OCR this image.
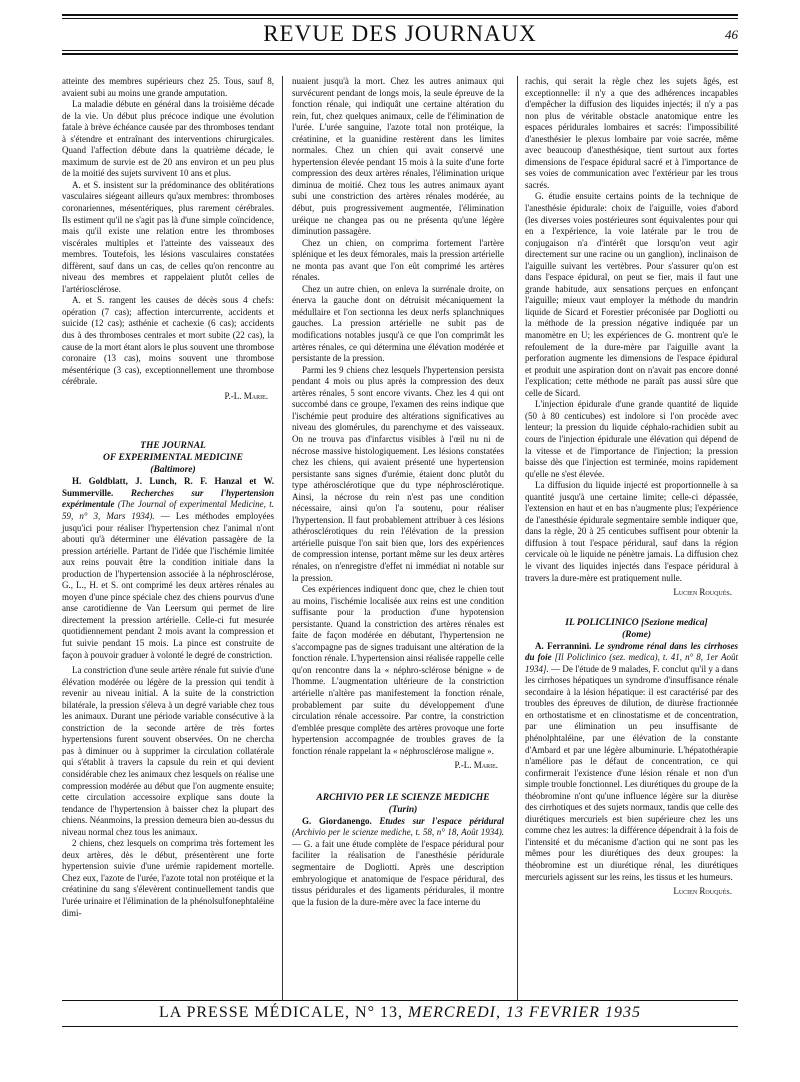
REVUE DES JOURNAUX	46

atteinte des membres supérieurs chez 25. Tous, sauf 8, avaient subi au moins une grande amputation.

La maladie débute en général dans la troisième décade de la vie. Un début plus précoce indique une évolution fatale à brève échéance causée par des thromboses tendant à s'étendre et entraînant des interventions chirurgicales. Quand l'affection débute dans la quatrième décade, le maximum de survie est de 20 ans environ et un peu plus de la moitié des sujets survivent 10 ans et plus.

A. et S. insistent sur la prédominance des oblitérations vasculaires siégeant ailleurs qu'aux membres: thromboses coronariennes, mésentériques, plus rarement cérébrales. Ils estiment qu'il ne s'agit pas là d'une simple coïncidence, mais qu'il existe une relation entre les thromboses viscérales multiples et l'atteinte des vaisseaux des membres. Toutefois, les lésions vasculaires constatées diffèrent, sauf dans un cas, de celles qu'on rencontre au niveau des membres et rappelaient plutôt celles de l'artériosclérose.

A. et S. rangent les causes de décès sous 4 chefs: opération (7 cas); affection intercurrente, accidents et suicide (12 cas); asthénie et cachexie (6 cas); accidents dus à des thromboses centrales et mort subite (22 cas), la cause de la mort étant alors le plus souvent une thrombose coronaire (13 cas), moins souvent une thrombose mésentérique (3 cas), exceptionnellement une thrombose cérébrale.

P.-L. Marie.

THE JOURNAL

OF EXPERIMENTAL MEDICINE

(Baltimore)

H. Goldblatt, J. Lunch, R. F. Hanzal et W. Summerville. Recherches sur l'hypertension expérimentale (The Journal of experimental Medicine, t. 59, n° 3, Mars 1934). — Les méthodes employées jusqu'ici pour réaliser l'hypertension chez l'animal n'ont abouti qu'à déterminer une élévation passagère de la pression artérielle. Partant de l'idée que l'ischémie limitée aux reins pouvait être la condition initiale dans la production de l'hypertension associée à la néphrosclérose, G., L., H. et S. ont comprimé les deux artères rénales au moyen d'une pince spéciale chez des chiens pourvus d'une anse carotidienne de Van Leersum qui permet de lire directement la pression artérielle. Celle-ci fut mesurée quotidiennement pendant 2 mois avant la compression et fut suivie pendant 15 mois. La pince est construite de façon à pouvoir graduer à volonté le degré de constriction.

La constriction d'une seule artère rénale fut suivie d'une élévation modérée ou légère de la pression qui tendit à revenir au niveau initial. A la suite de la constriction bilatérale, la pression s'éleva à un degré variable chez tous les animaux. Durant une période variable consécutive à la constriction de la seconde artère de très fortes hypertensions furent souvent observées. On ne chercha pas à diminuer ou à supprimer la circulation collatérale qui s'établit à travers la capsule du rein et qui devient considérable chez les animaux chez lesquels on réalise une compression modérée au début que l'on augmente ensuite; cette circulation accessoire explique sans doute la tendance de l'hypertension à baisser chez la plupart des chiens. Néanmoins, la pression demeura bien au-dessus du niveau normal chez tous les animaux.

2 chiens, chez lesquels on comprima très fortement les deux artères, dès le début, présentèrent une forte hypertension suivie d'une urémie rapidement mortelle. Chez eux, l'azote de l'urée, l'azote total non protéique et la créatinine du sang s'élevèrent continuellement tandis que l'urée urinaire et l'élimination de la phénolsulfonephtaléine dimi-

nuaient jusqu'à la mort. Chez les autres animaux qui survécurent pendant de longs mois, la seule épreuve de la fonction rénale, qui indiquât une certaine altération du rein, fut, chez quelques animaux, celle de l'élimination de l'urée. L'urée sanguine, l'azote total non protéique, la créatinine, et la guanidine restèrent dans les limites normales. Chez un chien qui avait conservé une hypertension élevée pendant 15 mois à la suite d'une forte compression des deux artères rénales, l'élimination urique diminua de moitié. Chez tous les autres animaux ayant subi une constriction des artères rénales modérée, au début, puis progressivement augmentée, l'élimination uréique ne changea pas ou ne présenta qu'une légère diminution passagère.

Chez un chien, on comprima fortement l'artère splénique et les deux fémorales, mais la pression artérielle ne monta pas avant que l'on eût comprimé les artères rénales.

Chez un autre chien, on enleva la surrénale droite, on énerva la gauche dont on détruisit mécaniquement la médullaire et l'on sectionna les deux nerfs splanchniques gauches. La pression artérielle ne subit pas de modifications notables jusqu'à ce que l'on comprimât les artères rénales, ce qui détermina une élévation modérée et persistante de la pression.

Parmi les 9 chiens chez lesquels l'hypertension persista pendant 4 mois ou plus après la compression des deux artères rénales, 5 sont encore vivants. Chez les 4 qui ont succombé dans ce groupe, l'examen des reins indique que l'ischémie peut produire des altérations significatives au niveau des glomérules, du parenchyme et des vaisseaux. On ne trouva pas d'infarctus visibles à l'œil nu ni de nécrose massive histologiquement. Les lésions constatées chez les chiens, qui avaient présenté une hypertension persistante sans signes d'urémie, étaient donc plutôt du type athérosclérotique que du type néphrosclérotique. Ainsi, la nécrose du rein n'est pas une condition nécessaire, ainsi qu'on l'a soutenu, pour réaliser l'hypertension. Il faut probablement attribuer à ces lésions athérosclérotiques du rein l'élévation de la pression artérielle puisque l'on sait bien que, lors des expériences de compression intense, portant même sur les deux artères rénales, on n'enregistre d'effet ni immédiat ni notable sur la pression.

Ces expériences indiquent donc que, chez le chien tout au moins, l'ischémie localisée aux reins est une condition suffisante pour la production d'une hypotension persistante. Quand la constriction des artères rénales est faite de façon modérée en débutant, l'hypertension ne s'accompagne pas de signes traduisant une altération de la fonction rénale. L'hypertension ainsi réalisée rappelle celle qu'on rencontre dans la « néphro-sclérose bénigne » de l'homme. L'augmentation ultérieure de la constriction artérielle n'altère pas manifestement la fonction rénale, probablement par suite du développement d'une circulation rénale accessoire. Par contre, la constriction d'emblée presque complète des artères provoque une forte hypertension accompagnée de troubles graves de la fonction rénale rappelant la « néphrosclérose maligne ».

P.-L. Marie.

ARCHIVIO PER LE SCIENZE MEDICHE

(Turin)

G. Giordanengo. Etudes sur l'espace péridural (Archivio per le scienze mediche, t. 58, n° 18, Août 1934). — G. a fait une étude complète de l'espace péridural pour faciliter la réalisation de l'anesthésie péridurale segmentaire de Dogliotti. Après une description embryologique et anatomique de l'espace péridural, des tissus péridurales et des ligaments péridurales, il montre que la fusion de la dure-mère avec la face interne du

rachis, qui serait la règle chez les sujets âgés, est exceptionnelle: il n'y a que des adhérences incapables d'empêcher la diffusion des liquides injectés; il n'y a pas non plus de véritable obstacle anatomique entre les espaces péridurales lombaires et sacrés: l'impossibilité d'anesthésier le plexus lombaire par voie sacrée, même avec beaucoup d'anesthésique, tient surtout aux fortes dimensions de l'espace épidural sacré et à l'importance de ses voies de communication avec l'extérieur par les trous sacrés.

G. étudie ensuite certains points de la technique de l'anesthésie épidurale: choix de l'aiguille, voies d'abord (les diverses voies postérieures sont équivalentes pour qui en a l'expérience, la voie latérale par le trou de conjugaison n'a d'intérêt que lorsqu'on veut agir directement sur une racine ou un ganglion), inclinaison de l'aiguille suivant les vertèbres. Pour s'assurer qu'on est dans l'espace épidural, on peut se fier, mais il faut une grande habitude, aux sensations perçues en enfonçant l'aiguille; mieux vaut employer la méthode du mandrin liquide de Sicard et Forestier préconisée par Dogliotti ou la méthode de la pression négative indiquée par un manomètre en U; les expériences de G. montrent qu'e le refoulement de la dure-mère par l'aiguille avant la perforation augmente les dimensions de l'espace épidural et produit une aspiration dont on n'avait pas encore donné l'explication; cette méthode ne paraît pas aussi sûre que celle de Sicard.

L'injection épidurale d'une grande quantité de liquide (50 à 80 centicubes) est indolore si l'on procède avec lenteur; la pression du liquide céphalo-rachidien subit au cours de l'injection épidurale une élévation qui dépend de la vitesse et de l'importance de l'injection; la pression baisse dès que l'injection est terminée, moins rapidement qu'elle ne s'est élevée.

La diffusion du liquide injecté est proportionnelle à sa quantité jusqu'à une certaine limite; celle-ci dépassée, l'extension en haut et en bas n'augmente plus; l'expérience de l'anesthésie épidurale segmentaire semble indiquer que, dans la règle, 20 à 25 centicubes suffisent pour obtenir la diffusion à tout l'espace péridural, sauf dans la région cervicale où le liquide ne pénètre jamais. La diffusion chez le vivant des liquides injectés dans l'espace péridural à travers la dure-mère est pratiquement nulle.

Lucien Rouquès.

IL POLICLINICO [Sezione medica]

(Rome)

A. Ferrannini. Le syndrome rénal dans les cirrhoses du foie [Il Policlinico (sez. medica), t. 41, n° 8, 1er Août 1934]. — De l'étude de 9 malades, F. conclut qu'il y a dans les cirrhoses hépatiques un syndrome d'insuffisance rénale secondaire à la lésion hépatique: il est caractérisé par des troubles des épreuves de dilution, de diurèse fractionnée en orthostatisme et en clinostatisme et de concentration, par une élimination un peu insuffisante de phénolphtaléine, par une élévation de la constante d'Ambard et par une légère albuminurie. L'hépatothérapie n'améliore pas le défaut de concentration, ce qui confirmerait l'existence d'une lésion rénale et non d'un simple trouble fonctionnel. Les diurétiques du groupe de la théobromine n'ont qu'une influence légère sur la diurèse des cirrhotiques et des sujets normaux, tandis que celle des diurétiques mercuriels est bien supérieure chez les uns comme chez les autres: la différence dépendrait à la fois de l'intensité et du mécanisme d'action qui ne sont pas les mêmes pour les diurétiques des deux groupes: la théobromine est un diurétique rénal, les diurétiques mercuriels agissent sur les reins, les tissus et les humeurs.

Lucien Rouquès.
LA PRESSE MÉDICALE, N° 13, MERCREDI, 13 FEVRIER 1935
